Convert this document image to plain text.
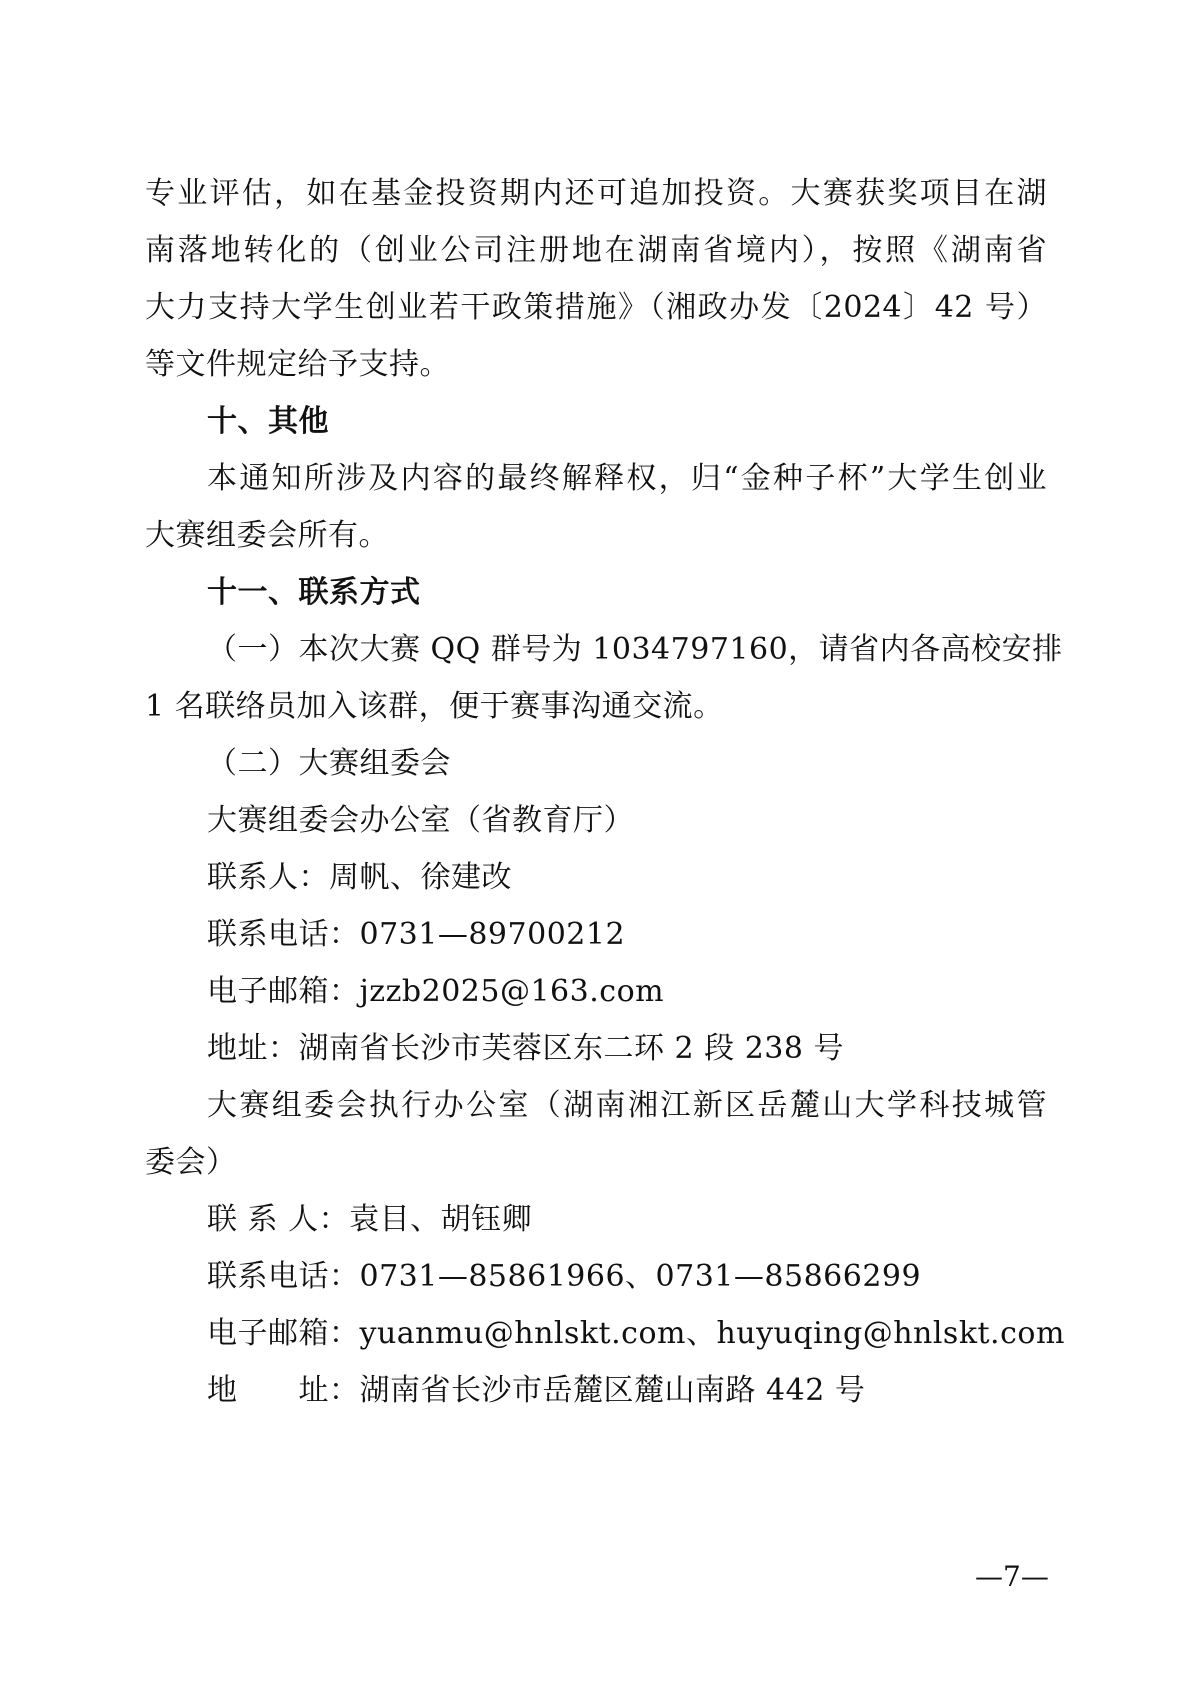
专业评估，如在基金投资期内还可追加投资。大赛获奖项目在湖
南落地转化的（创业公司注册地在湖南省境内），按照《湖南省
大力支持大学生创业若干政策措施》（湘政办发〔2024〕42 号）
等文件规定给予支持。
十、其他
本通知所涉及内容的最终解释权，归“金种子杯”大学生创业
大赛组委会所有。
十一、联系方式
（一）本次大赛 QQ 群号为 1034797160，请省内各高校安排
1 名联络员加入该群，便于赛事沟通交流。
（二）大赛组委会
大赛组委会办公室（省教育厅）
联系人：周帆、徐建改
联系电话：0731—89700212
电子邮箱：jzzb2025@163.com
地址：湖南省长沙市芙蓉区东二环 2 段 238 号
大赛组委会执行办公室（湖南湘江新区岳麓山大学科技城管
委会）
联 系 人：袁目、胡钰卿
联系电话：0731—85861966、0731—85866299
电子邮箱：yuanmu@hnlskt.com、huyuqing@hnlskt.com
地　　址：湖南省长沙市岳麓区麓山南路 442 号
—7—
